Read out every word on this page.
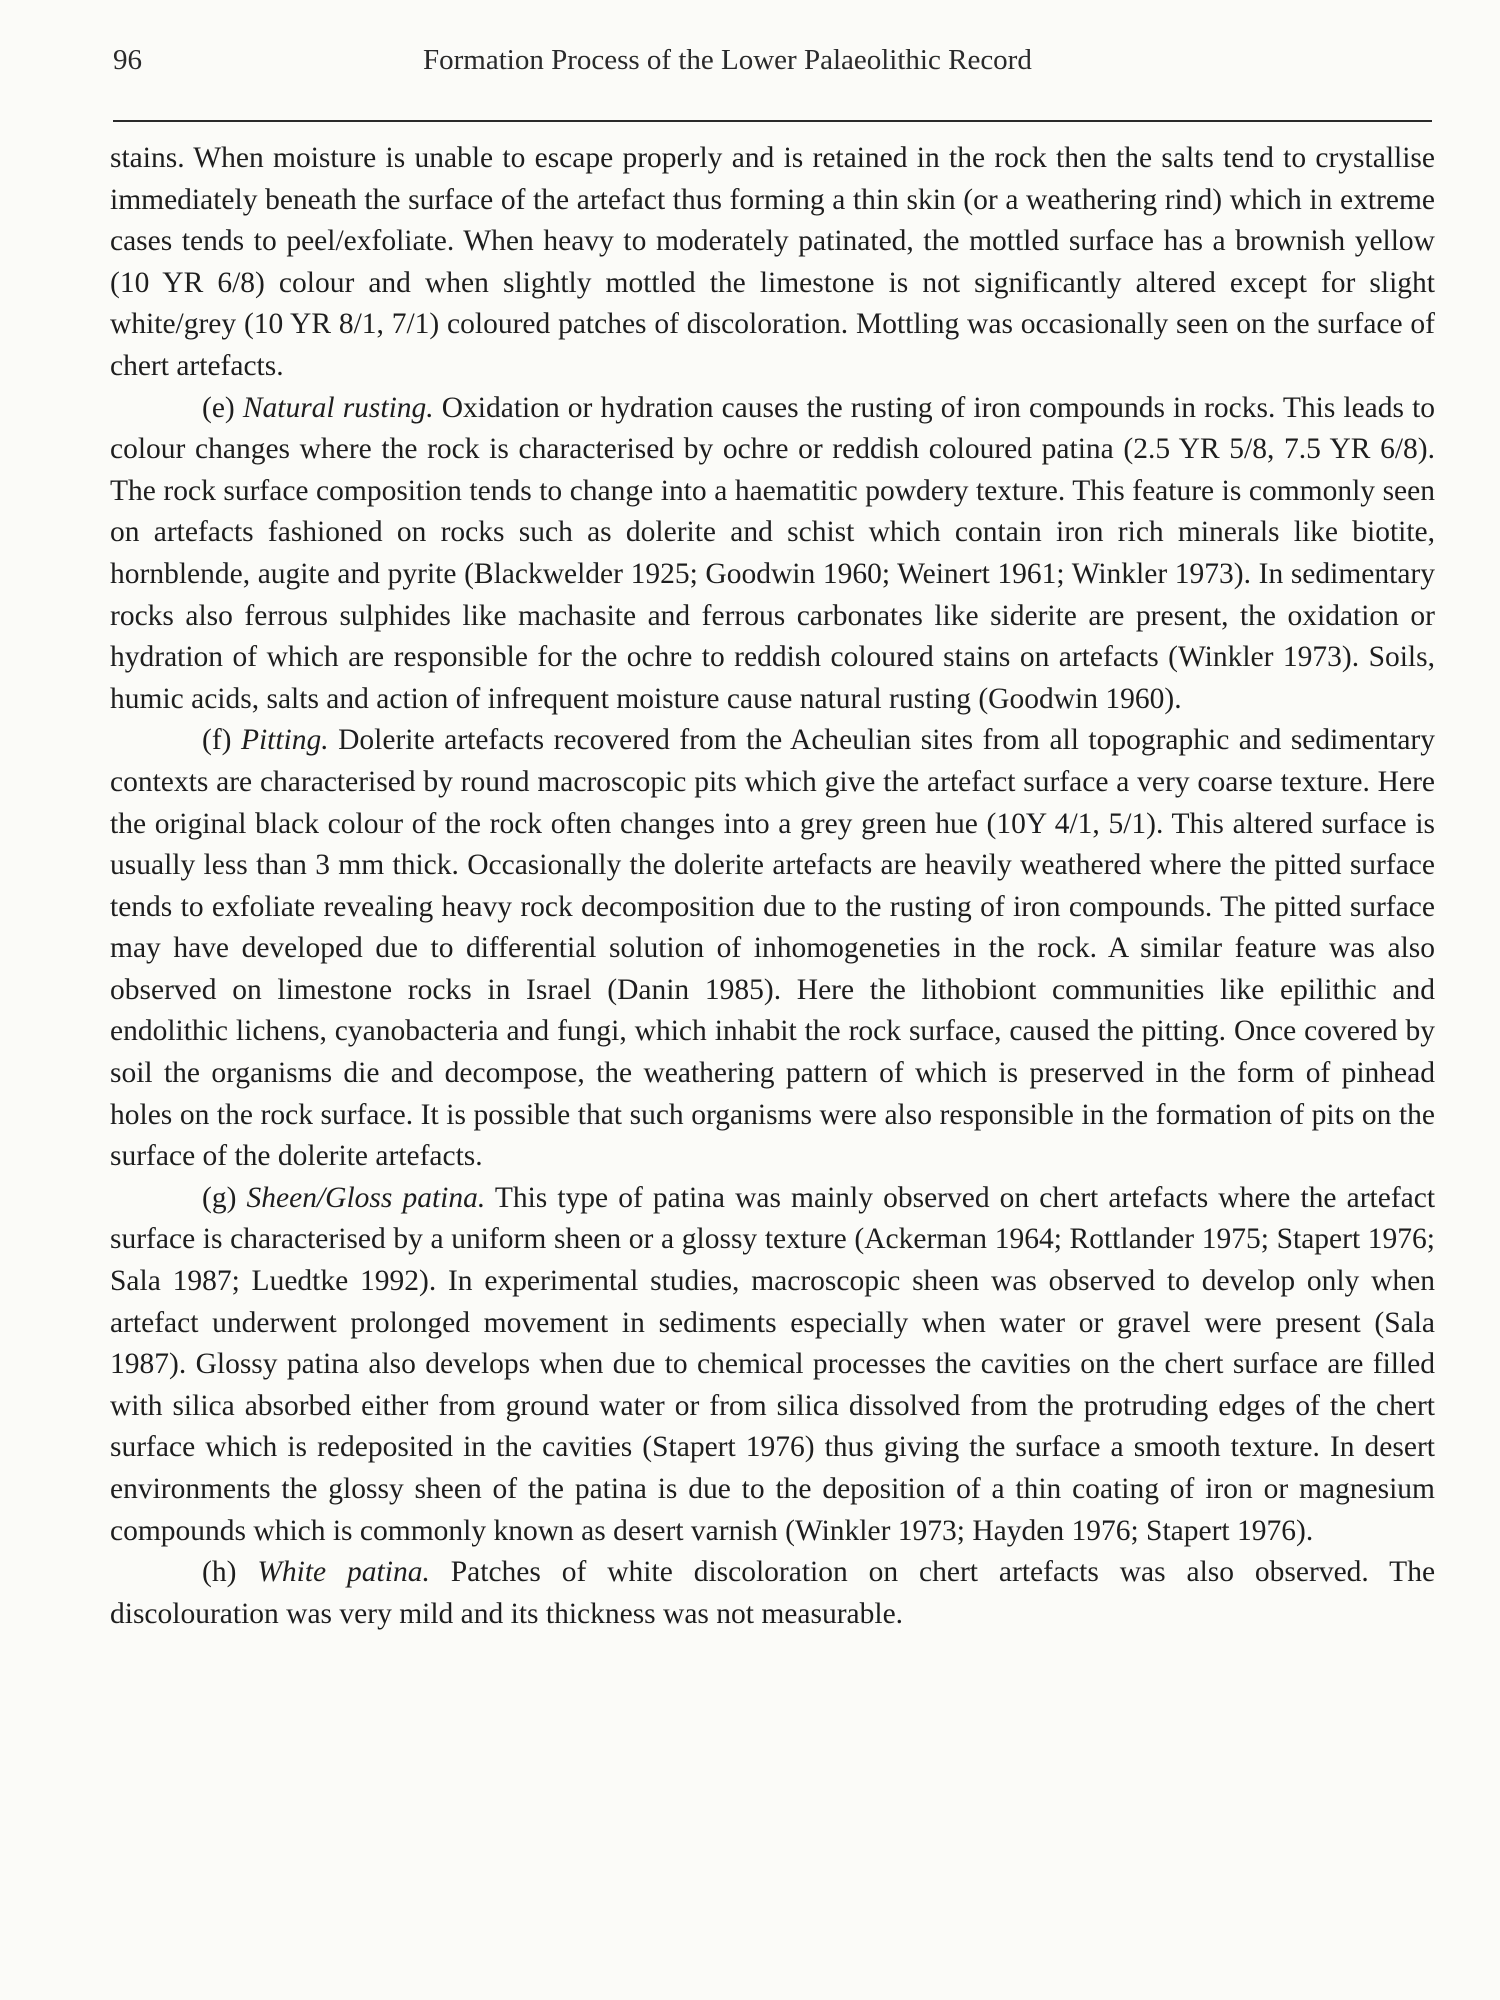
96	Formation Process of the Lower Palaeolithic Record

stains. When moisture is unable to escape properly and is retained in the rock then the salts tend to crystallise immediately beneath the surface of the artefact thus forming a thin skin (or a weathering rind) which in extreme cases tends to peel/exfoliate. When heavy to moderately patinated, the mottled surface has a brownish yellow (10 YR 6/8) colour and when slightly mottled the limestone is not significantly altered except for slight white/grey (10 YR 8/1, 7/1) coloured patches of discoloration. Mottling was occasionally seen on the surface of chert artefacts.

(e) Natural rusting. Oxidation or hydration causes the rusting of iron compounds in rocks. This leads to colour changes where the rock is characterised by ochre or reddish coloured patina (2.5 YR 5/8, 7.5 YR 6/8). The rock surface composition tends to change into a haematitic powdery texture. This feature is commonly seen on artefacts fashioned on rocks such as dolerite and schist which contain iron rich minerals like biotite, hornblende, augite and pyrite (Blackwelder 1925; Goodwin 1960; Weinert 1961; Winkler 1973). In sedimentary rocks also ferrous sulphides like machasite and ferrous carbonates like siderite are present, the oxidation or hydration of which are responsible for the ochre to reddish coloured stains on artefacts (Winkler 1973). Soils, humic acids, salts and action of infrequent moisture cause natural rusting (Goodwin 1960).

(f) Pitting. Dolerite artefacts recovered from the Acheulian sites from all topographic and sedimentary contexts are characterised by round macroscopic pits which give the artefact surface a very coarse texture. Here the original black colour of the rock often changes into a grey green hue (10Y 4/1, 5/1). This altered surface is usually less than 3 mm thick. Occasionally the dolerite artefacts are heavily weathered where the pitted surface tends to exfoliate revealing heavy rock decomposition due to the rusting of iron compounds. The pitted surface may have developed due to differential solution of inhomogeneties in the rock. A similar feature was also observed on limestone rocks in Israel (Danin 1985). Here the lithobiont communities like epilithic and endolithic lichens, cyanobacteria and fungi, which inhabit the rock surface, caused the pitting. Once covered by soil the organisms die and decompose, the weathering pattern of which is preserved in the form of pinhead holes on the rock surface. It is possible that such organisms were also responsible in the formation of pits on the surface of the dolerite artefacts.

(g) Sheen/Gloss patina. This type of patina was mainly observed on chert artefacts where the artefact surface is characterised by a uniform sheen or a glossy texture (Ackerman 1964; Rottlander 1975; Stapert 1976; Sala 1987; Luedtke 1992). In experimental studies, macroscopic sheen was observed to develop only when artefact underwent prolonged movement in sediments especially when water or gravel were present (Sala 1987). Glossy patina also develops when due to chemical processes the cavities on the chert surface are filled with silica absorbed either from ground water or from silica dissolved from the protruding edges of the chert surface which is redeposited in the cavities (Stapert 1976) thus giving the surface a smooth texture. In desert environments the glossy sheen of the patina is due to the deposition of a thin coating of iron or magnesium compounds which is commonly known as desert varnish (Winkler 1973; Hayden 1976; Stapert 1976).

(h) White patina. Patches of white discoloration on chert artefacts was also observed. The discolouration was very mild and its thickness was not measurable.
